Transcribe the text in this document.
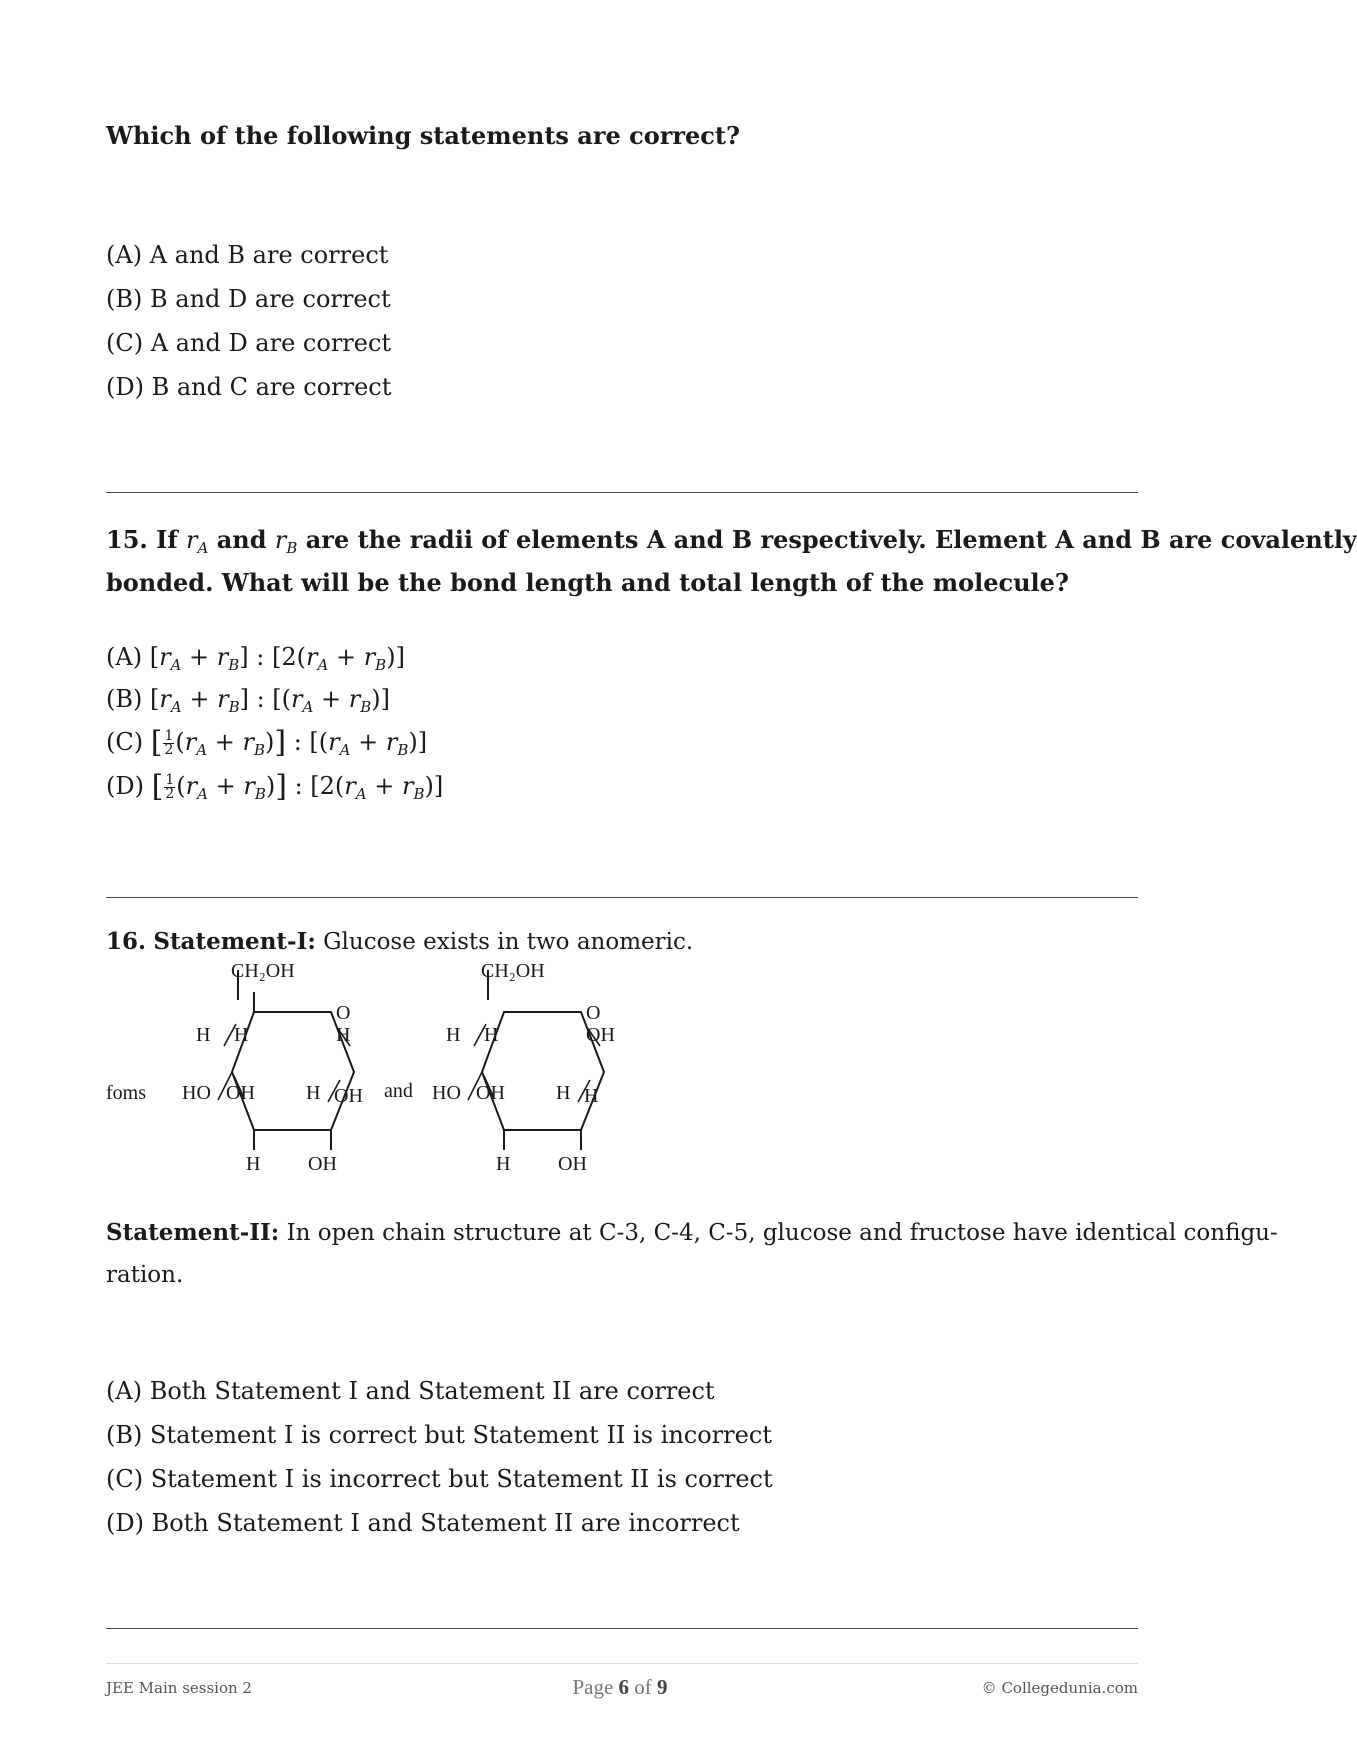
Which of the following statements are correct?
(A) A and B are correct
(B) B and D are correct
(C) A and D are correct
(D) B and C are correct
15. If $r_A$ and $r_B$ are the radii of elements A and B respectively. Element A and B are covalently
bonded. What will be the bond length and total length of the molecule?
(A) $[r_A + r_B]$ : $[2(r_A + r_B)]$
(B) $[r_A + r_B]$ : $[(r_A + r_B)]$
(C) [ $\frac{1}{2} (r_A + r_B)$] : $[(r_A + r_B)]$
(D) [ $\frac{1}{2} (r_A + r_B)$] : $[2(r_A + r_B)]$
16. Statement-I: Glucose exists in two anomeric.
CH₂OH
O
H H	H
foms HO OH	H OH
H OH
and
CH₂OH
O
H H	OH
HO OH	H H
H OH
Statement-II: In open chain structure at C-3, C-4, C-5, glucose and fructose have identical configu-
ration.
(A) Both Statement I and Statement II are correct
(B) Statement I is correct but Statement II is incorrect
(C) Statement I is incorrect but Statement II is correct
(D) Both Statement I and Statement II are incorrect
JEE Main session 2	Page 6 of 9	© Collegedunia.com
